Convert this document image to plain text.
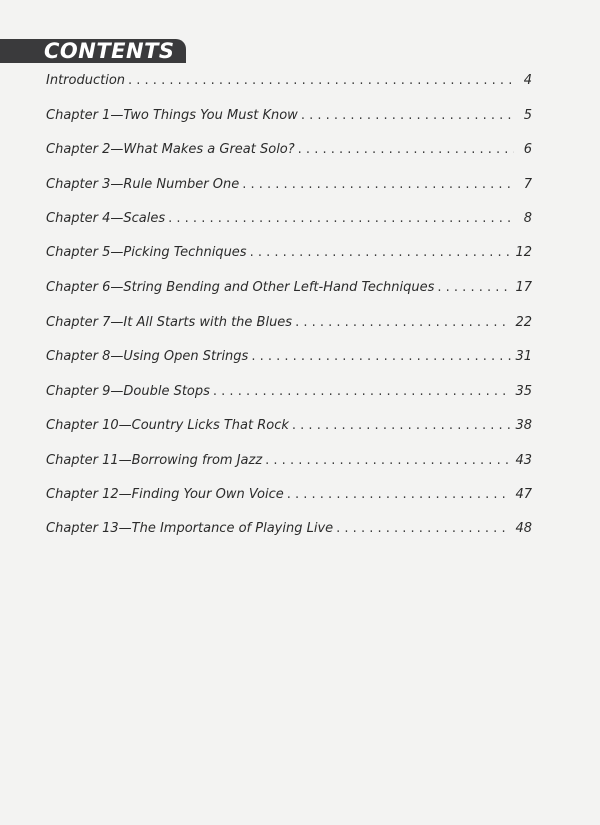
CONTENTS
Introduction . . .	4
Chapter 1—Two Things You Must Know . . .	5
Chapter 2—What Makes a Great Solo? . . .	6
Chapter 3—Rule Number One . . .	7
Chapter 4—Scales . . .	8
Chapter 5—Picking Techniques . . .	12
Chapter 6—String Bending and Other Left-Hand Techniques . . .	17
Chapter 7—It All Starts with the Blues . . .	22
Chapter 8—Using Open Strings . . .	31
Chapter 9—Double Stops . . .	35
Chapter 10—Country Licks That Rock . . .	38
Chapter 11—Borrowing from Jazz . . .	43
Chapter 12—Finding Your Own Voice . . .	47
Chapter 13—The Importance of Playing Live . . .	48
